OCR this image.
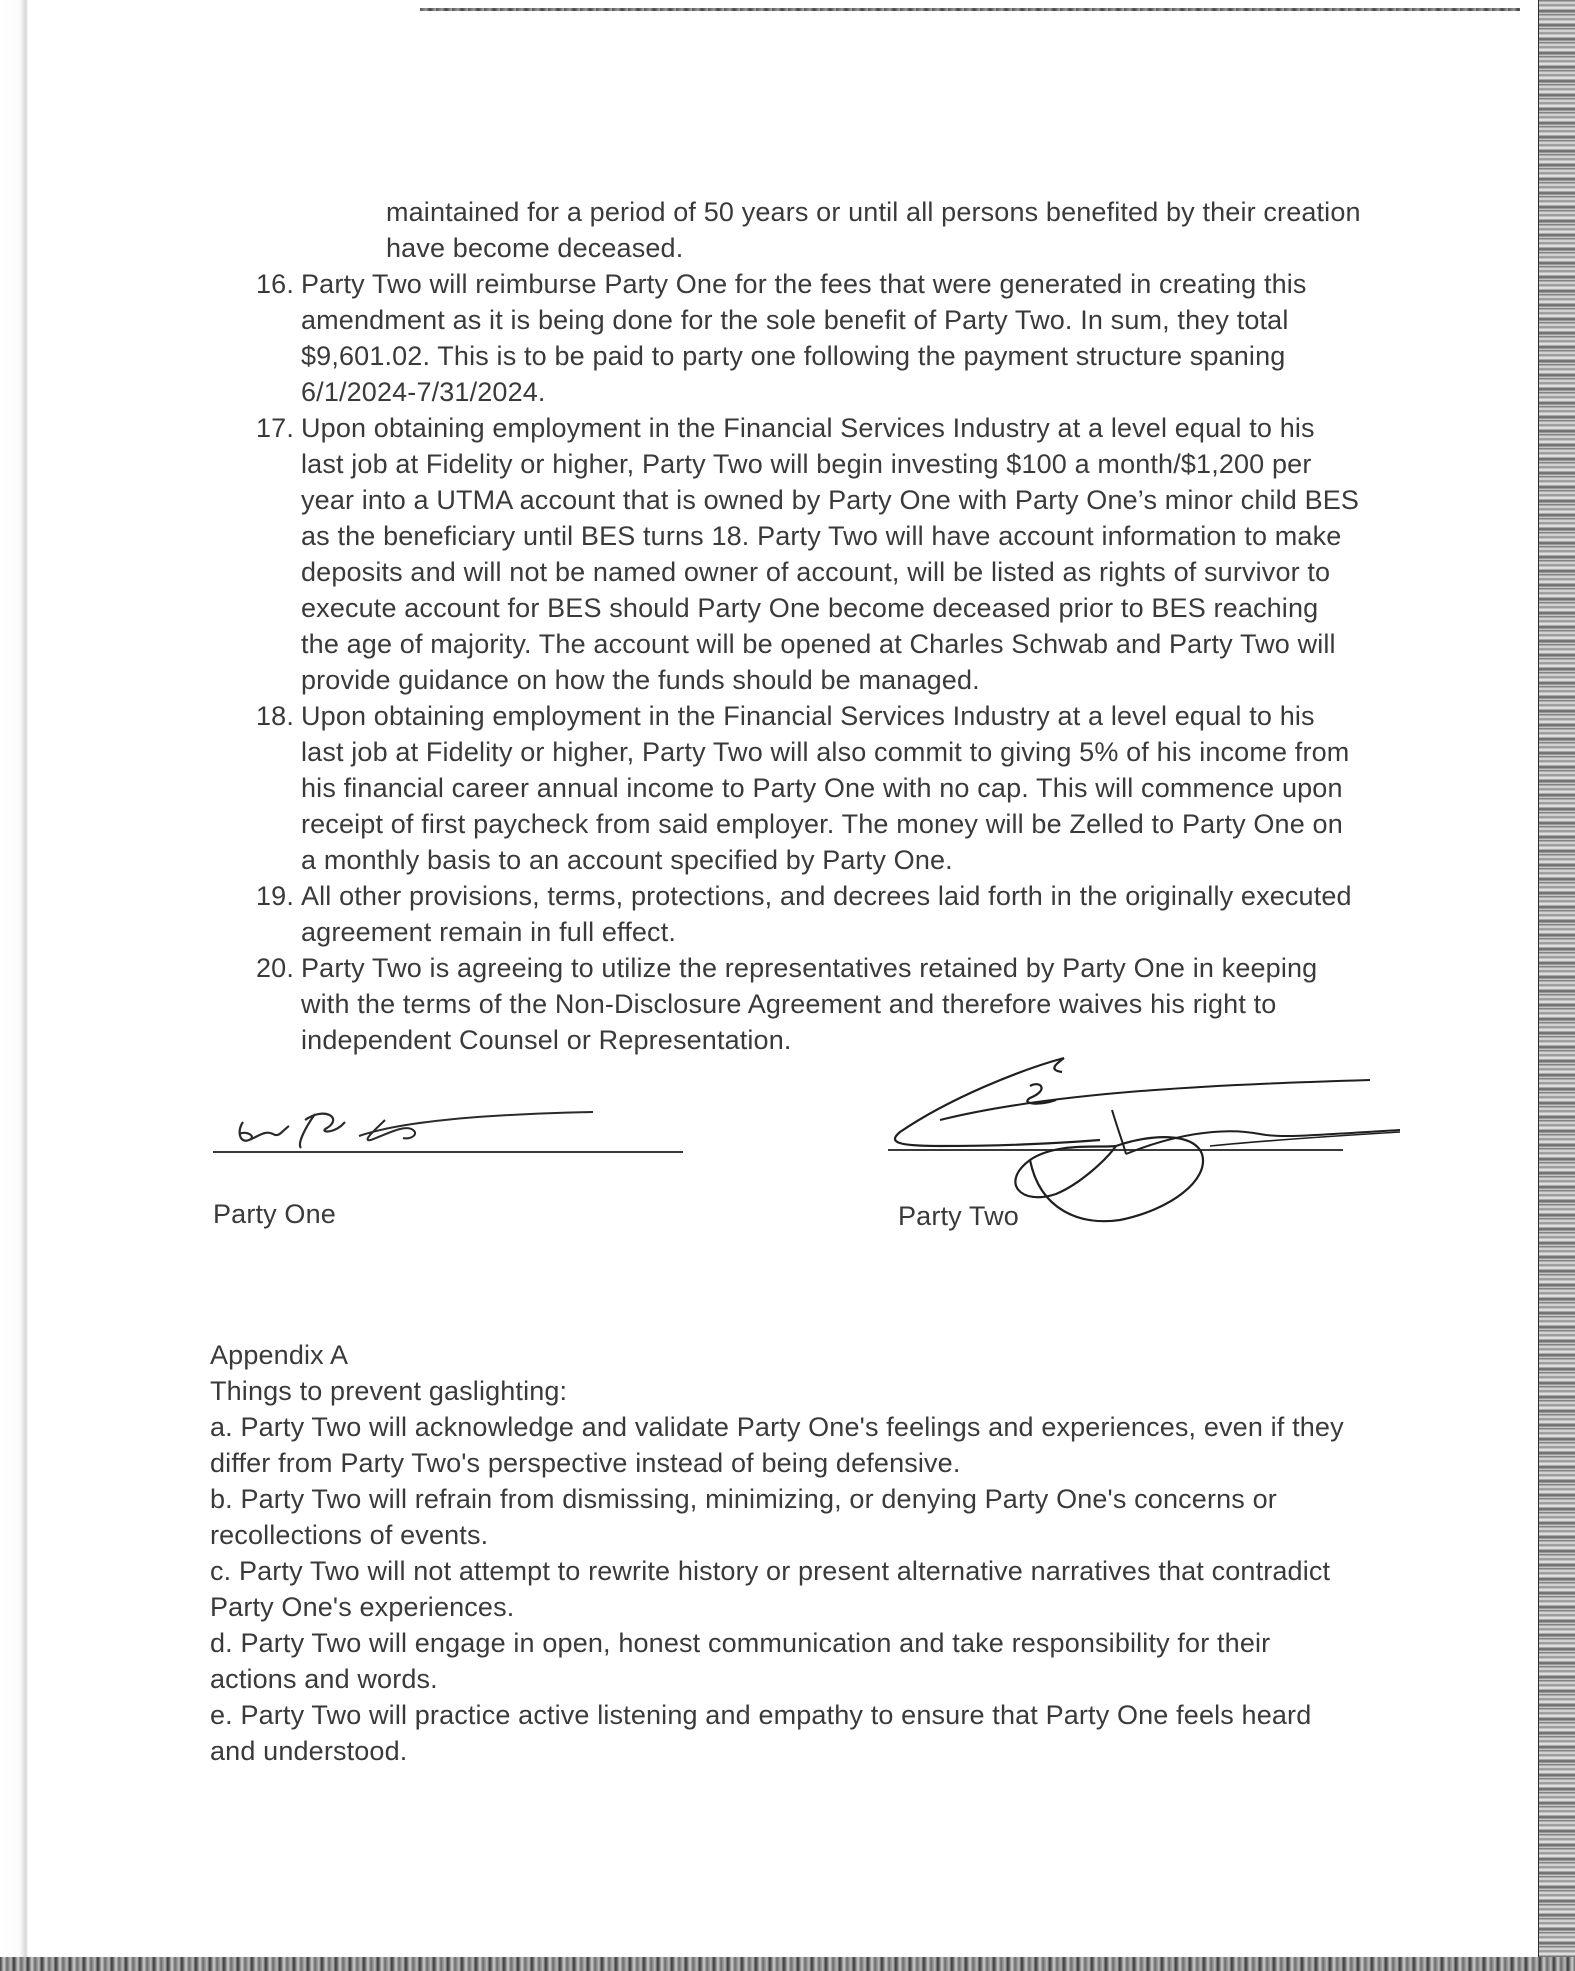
maintained for a period of 50 years or until all persons benefited by their creation have become deceased.
16. Party Two will reimburse Party One for the fees that were generated in creating this amendment as it is being done for the sole benefit of Party Two. In sum, they total $9,601.02. This is to be paid to party one following the payment structure spaning 6/1/2024-7/31/2024.
17. Upon obtaining employment in the Financial Services Industry at a level equal to his last job at Fidelity or higher, Party Two will begin investing $100 a month/$1,200 per year into a UTMA account that is owned by Party One with Party One’s minor child BES as the beneficiary until BES turns 18. Party Two will have account information to make deposits and will not be named owner of account, will be listed as rights of survivor to execute account for BES should Party One become deceased prior to BES reaching the age of majority. The account will be opened at Charles Schwab and Party Two will provide guidance on how the funds should be managed.
18. Upon obtaining employment in the Financial Services Industry at a level equal to his last job at Fidelity or higher, Party Two will also commit to giving 5% of his income from his financial career annual income to Party One with no cap. This will commence upon receipt of first paycheck from said employer. The money will be Zelled to Party One on a monthly basis to an account specified by Party One.
19. All other provisions, terms, protections, and decrees laid forth in the originally executed agreement remain in full effect.
20. Party Two is agreeing to utilize the representatives retained by Party One in keeping with the terms of the Non-Disclosure Agreement and therefore waives his right to independent Counsel or Representation.
Party One	Party Two

Appendix A

Things to prevent gaslighting:

a. Party Two will acknowledge and validate Party One's feelings and experiences, even if they differ from Party Two's perspective instead of being defensive.

b. Party Two will refrain from dismissing, minimizing, or denying Party One's concerns or recollections of events.

c. Party Two will not attempt to rewrite history or present alternative narratives that contradict Party One's experiences.

d. Party Two will engage in open, honest communication and take responsibility for their actions and words.

e. Party Two will practice active listening and empathy to ensure that Party One feels heard and understood.
